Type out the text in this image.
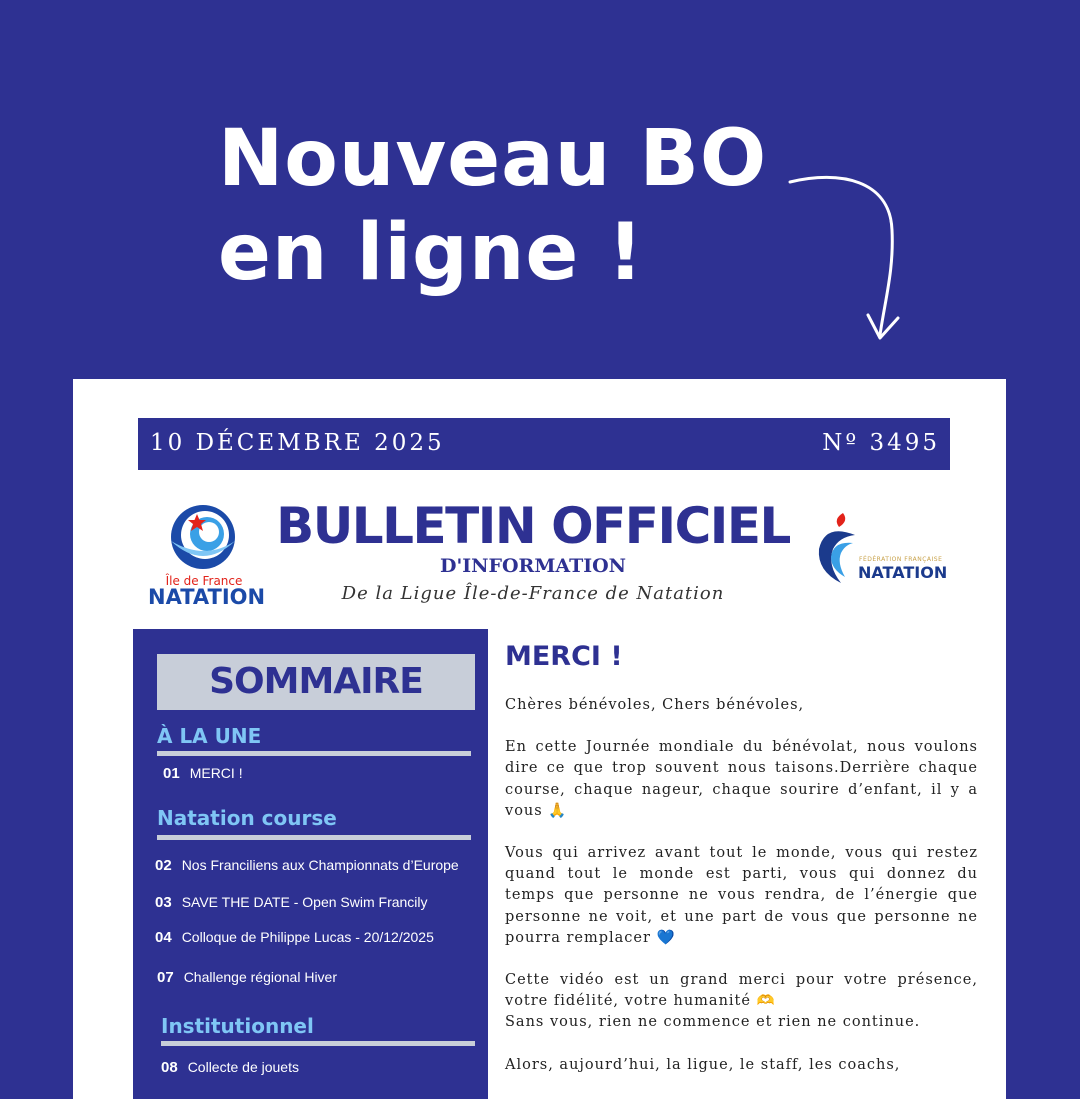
Nouveau BO
en ligne !
10 DÉCEMBRE 2025	Nº 3495
Île de France
NATATION
BULLETIN OFFICIEL
D'INFORMATION
De la Ligue Île-de-France de Natation
FÉDÉRATION FRANÇAISE
NATATION
SOMMAIRE
À LA UNE
01 MERCI !
Natation course
02 Nos Franciliens aux Championnats d’Europe
03 SAVE THE DATE - Open Swim Francily
04 Colloque de Philippe Lucas - 20/12/2025
07 Challenge régional Hiver
Institutionnel
08 Collecte de jouets
MERCI !

Chères bénévoles, Chers bénévoles,

En cette Journée mondiale du bénévolat, nous voulons dire ce que trop souvent nous taisons.Derrière chaque course, chaque nageur, chaque sourire d’enfant, il y a vous 🙏

Vous qui arrivez avant tout le monde, vous qui restez quand tout le monde est parti, vous qui donnez du temps que personne ne vous rendra, de l’énergie que personne ne voit, et une part de vous que personne ne pourra remplacer 💙

Cette vidéo est un grand merci pour votre présence, votre fidélité, votre humanité 🫶

Sans vous, rien ne commence et rien ne continue.

Alors, aujourd’hui, la ligue, le staff, les coachs,
